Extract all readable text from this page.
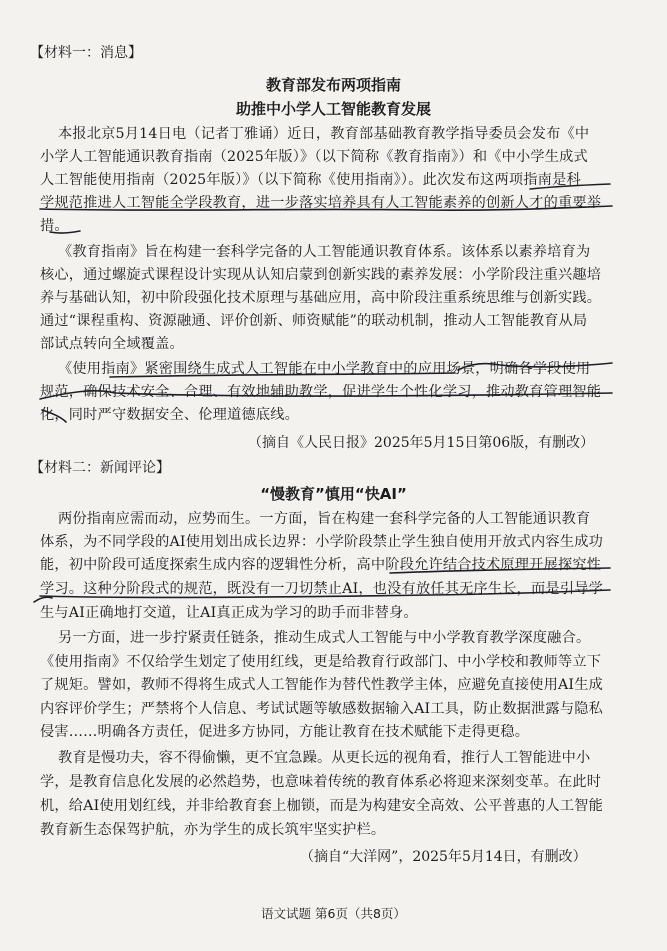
【材料一：消息】
教育部发布两项指南
助推中小学人工智能教育发展
本报北京5月14日电（记者丁雅诵）近日，教育部基础教育教学指导委员会发布《中
小学人工智能通识教育指南（2025年版）》（以下简称《教育指南》）和《中小学生成式
人工智能使用指南（2025年版）》（以下简称《使用指南》）。此次发布这两项指南是科
学规范推进人工智能全学段教育，进一步落实培养具有人工智能素养的创新人才的重要举
措。
《教育指南》旨在构建一套科学完备的人工智能通识教育体系。该体系以素养培育为
核心，通过螺旋式课程设计实现从认知启蒙到创新实践的素养发展：小学阶段注重兴趣培
养与基础认知，初中阶段强化技术原理与基础应用，高中阶段注重系统思维与创新实践。
通过“课程重构、资源融通、评价创新、师资赋能”的联动机制，推动人工智能教育从局
部试点转向全域覆盖。
《使用指南》紧密围绕生成式人工智能在中小学教育中的应用场景，明确各学段使用
规范，确保技术安全、合理、有效地辅助教学，促进学生个性化学习，推动教育管理智能
化，同时严守数据安全、伦理道德底线。
（摘自《人民日报》2025年5月15日第06版，有删改）
【材料二：新闻评论】
“慢教育”慎用“快AI”
两份指南应需而动，应势而生。一方面，旨在构建一套科学完备的人工智能通识教育
体系，为不同学段的AI使用划出成长边界：小学阶段禁止学生独自使用开放式内容生成功
能，初中阶段可适度探索生成内容的逻辑性分析，高中阶段允许结合技术原理开展探究性
学习。这种分阶段式的规范，既没有一刀切禁止AI，也没有放任其无序生长，而是引导学
生与AI正确地打交道，让AI真正成为学习的助手而非替身。
另一方面，进一步拧紧责任链条，推动生成式人工智能与中小学教育教学深度融合。
《使用指南》不仅给学生划定了使用红线，更是给教育行政部门、中小学校和教师等立下
了规矩。譬如，教师不得将生成式人工智能作为替代性教学主体，应避免直接使用AI生成
内容评价学生；严禁将个人信息、考试试题等敏感数据输入AI工具，防止数据泄露与隐私
侵害……明确各方责任，促进多方协同，方能让教育在技术赋能下走得更稳。
教育是慢功夫，容不得偷懒，更不宜急躁。从更长远的视角看，推行人工智能进中小
学，是教育信息化发展的必然趋势，也意味着传统的教育体系必将迎来深刻变革。在此时
机，给AI使用划红线，并非给教育套上枷锁，而是为构建安全高效、公平普惠的人工智能
教育新生态保驾护航，亦为学生的成长筑牢坚实护栏。
（摘自“大洋网”，2025年5月14日，有删改）
语文试题 第6页（共8页）
